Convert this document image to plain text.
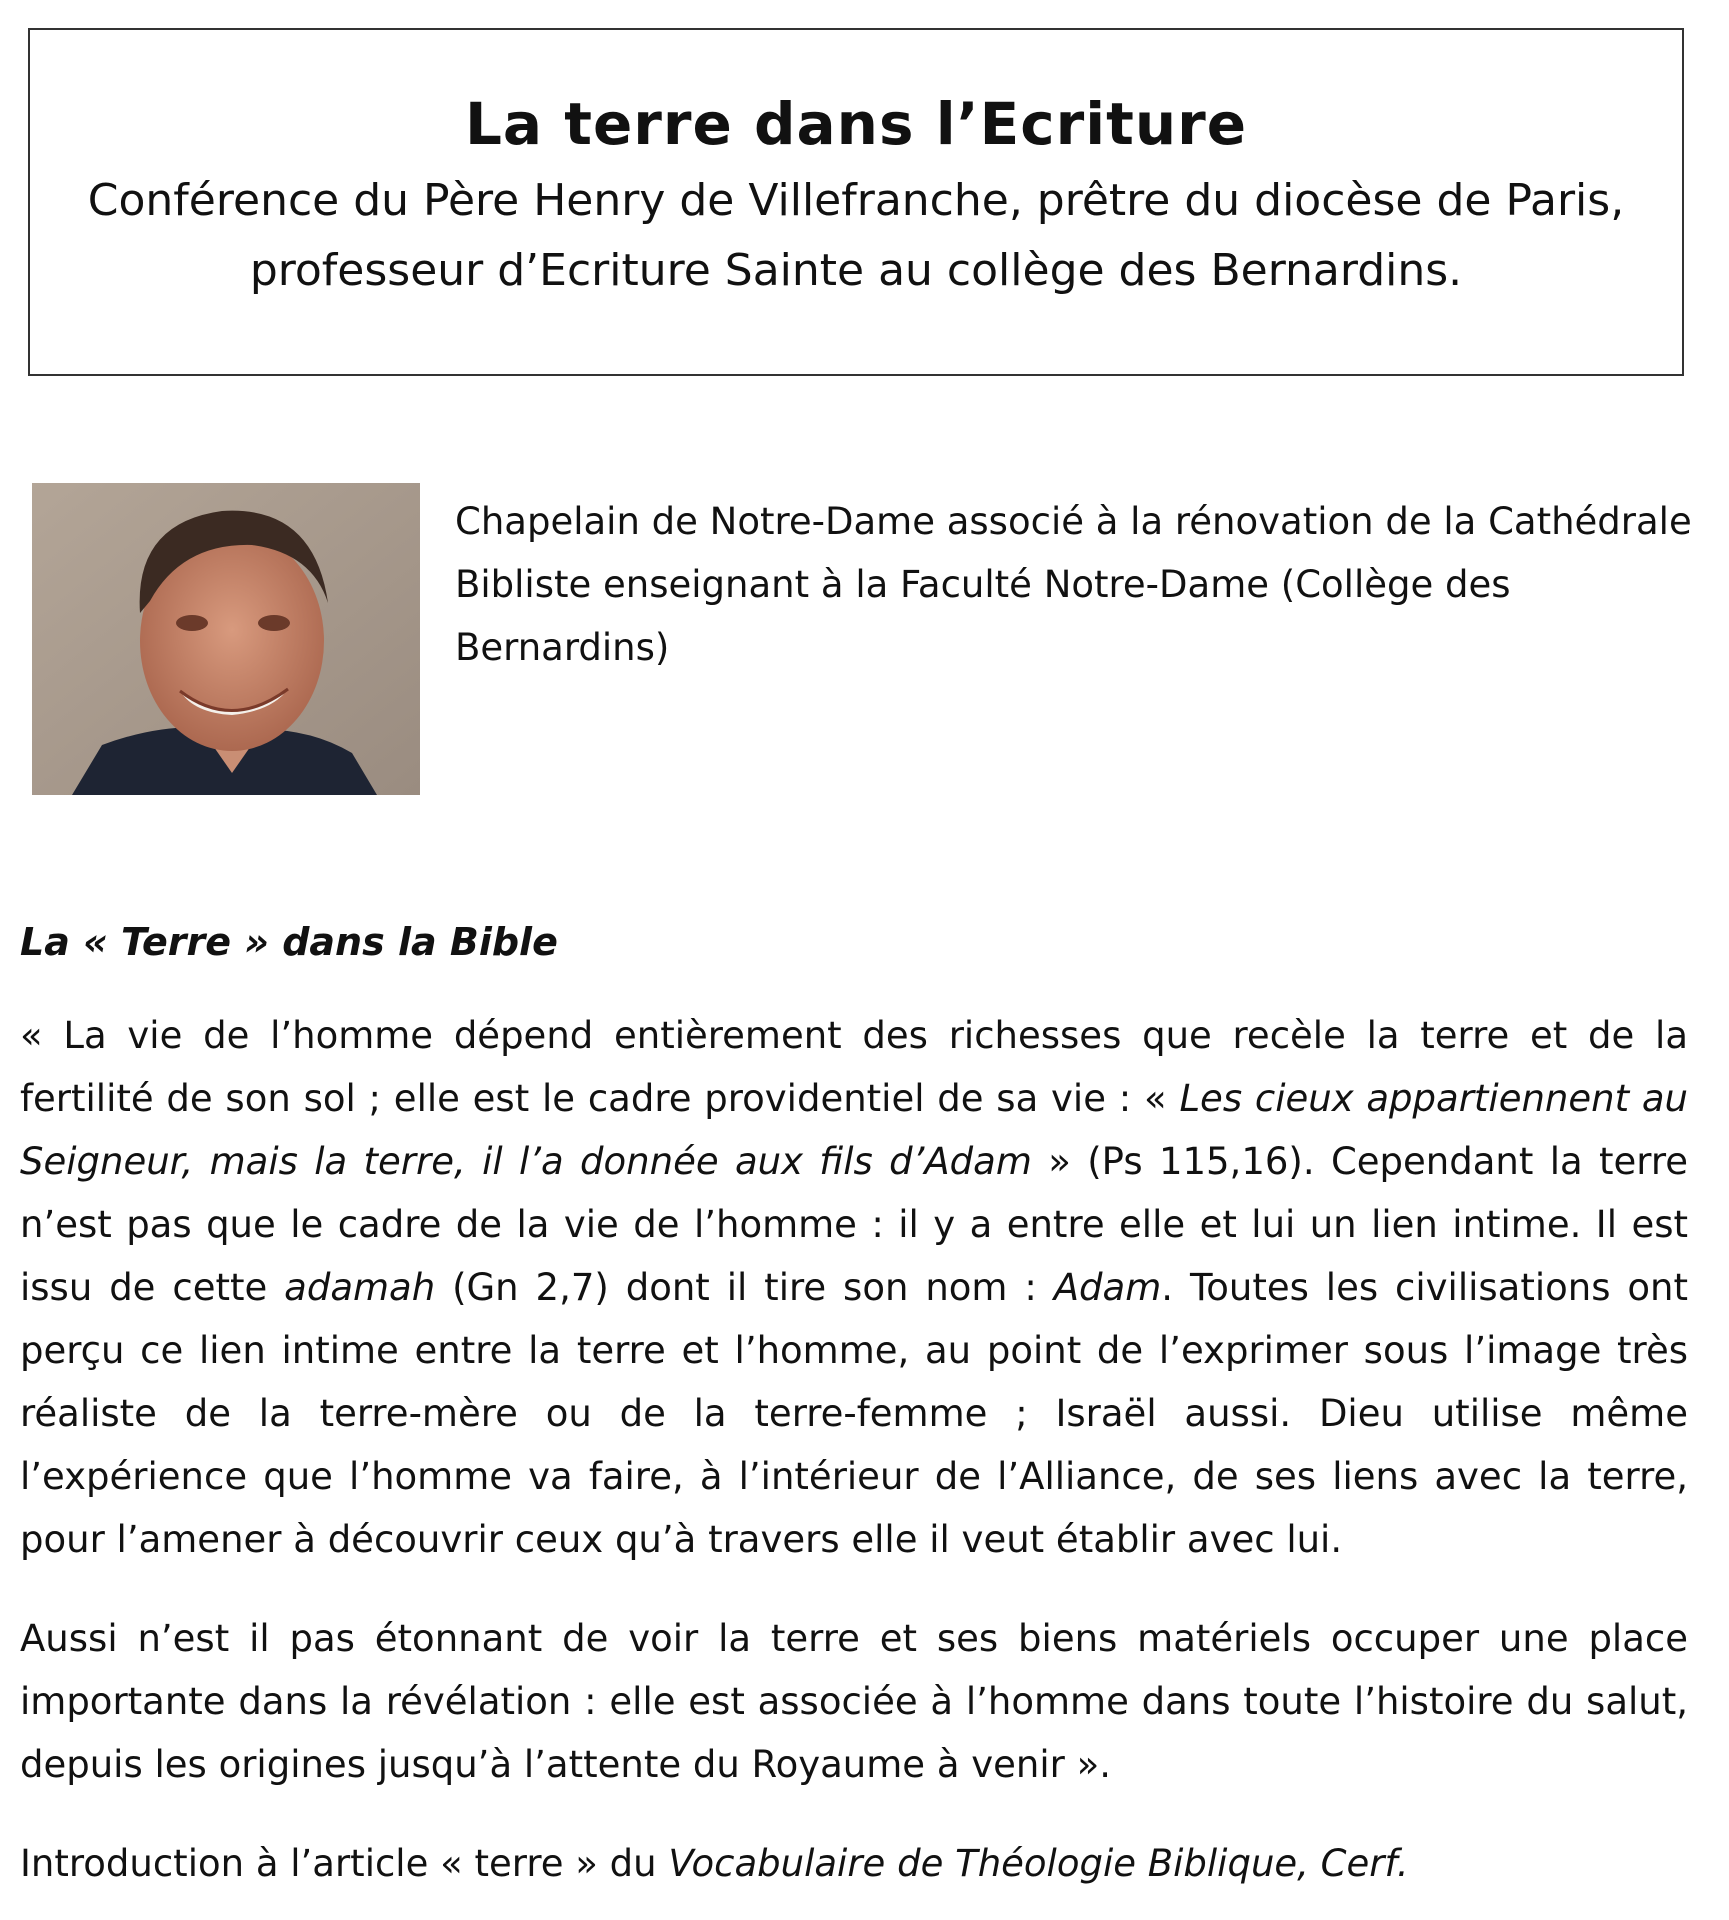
La terre dans l’Ecriture
Conférence du Père Henry de Villefranche, prêtre du diocèse de Paris,
professeur d’Ecriture Sainte au collège des Bernardins.

Chapelain de Notre-Dame associé à la rénovation de la Cathédrale

Bibliste enseignant à la Faculté Notre-Dame (Collège des Bernardins)

La « Terre » dans la Bible

« La vie de l’homme dépend entièrement des richesses que recèle la terre et de la fertilité de son sol ; elle est le cadre providentiel de sa vie : « Les cieux appartiennent au Seigneur, mais la terre, il l’a donnée aux fils d’Adam » (Ps 115,16). Cependant la terre n’est pas que le cadre de la vie de l’homme : il y a entre elle et lui un lien intime. Il est issu de cette adamah (Gn 2,7) dont il tire son nom : Adam. Toutes les civilisations ont perçu ce lien intime entre la terre et l’homme, au point de l’exprimer sous l’image très réaliste de la terre-mère ou de la terre-femme ; Israël aussi. Dieu utilise même l’expérience que l’homme va faire, à l’intérieur de l’Alliance, de ses liens avec la terre, pour l’amener à découvrir ceux qu’à travers elle il veut établir avec lui.

Aussi n’est il pas étonnant de voir la terre et ses biens matériels occuper une place importante dans la révélation : elle est associée à l’homme dans toute l’histoire du salut, depuis les origines jusqu’à l’attente du Royaume à venir ».

Introduction à l’article « terre » du Vocabulaire de Théologie Biblique, Cerf.
